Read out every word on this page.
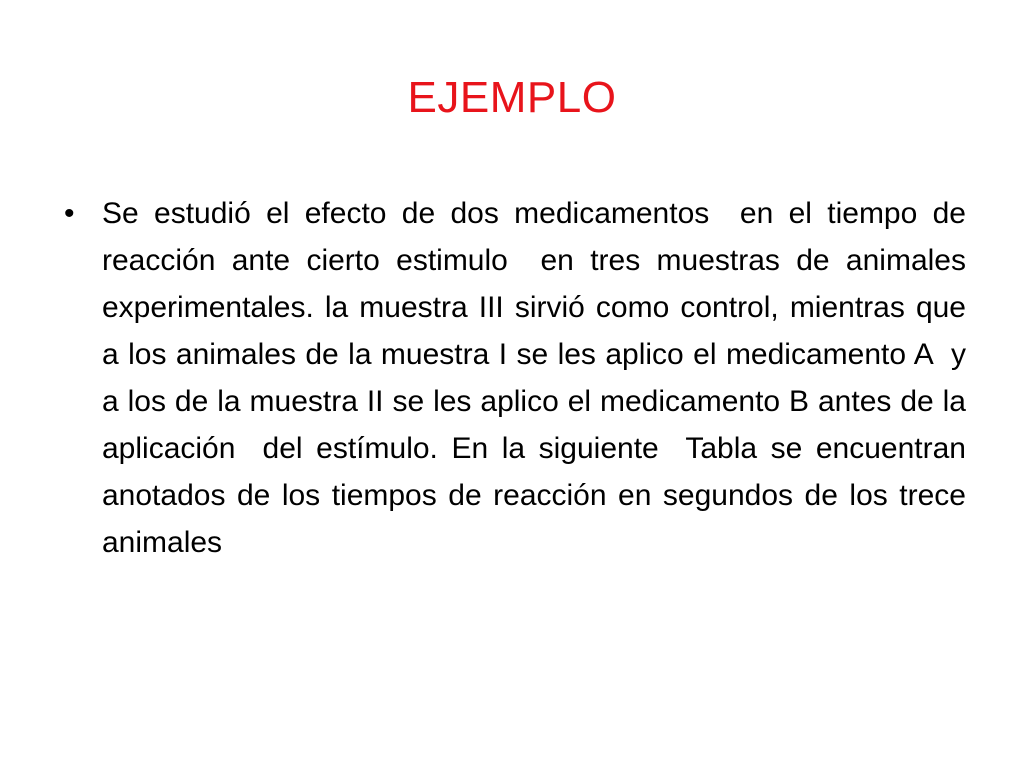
EJEMPLO
• Se estudió el efecto de dos medicamentos  en el tiempo de reacción ante cierto estimulo  en tres muestras de animales experimentales. la muestra III sirvió como control, mientras que a los animales de la muestra I se les aplico el medicamento A  y a los de la muestra II se les aplico el medicamento B antes de la aplicación  del estímulo. En la siguiente  Tabla se encuentran anotados de los tiempos de reacción en segundos de los trece animales
